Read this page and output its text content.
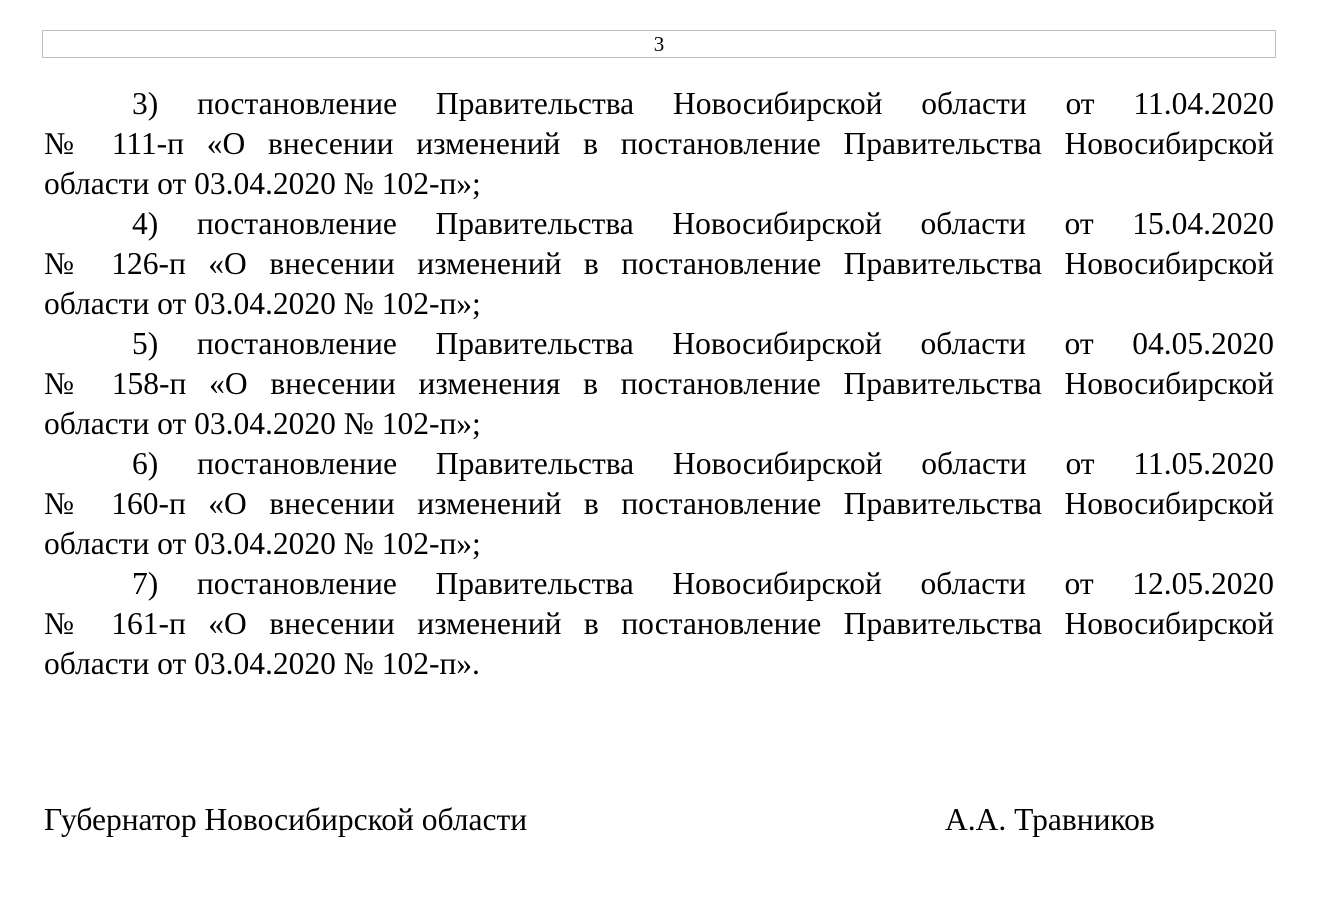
3

3) постановление Правительства Новосибирской области от 11.04.2020
№ 111-п «О внесении изменений в постановление Правительства Новосибирской
области от 03.04.2020 № 102-п»;

4) постановление Правительства Новосибирской области от 15.04.2020
№ 126-п «О внесении изменений в постановление Правительства Новосибирской
области от 03.04.2020 № 102-п»;

5) постановление Правительства Новосибирской области от 04.05.2020
№ 158-п «О внесении изменения в постановление Правительства Новосибирской
области от 03.04.2020 № 102-п»;

6) постановление Правительства Новосибирской области от 11.05.2020
№ 160-п «О внесении изменений в постановление Правительства Новосибирской
области от 03.04.2020 № 102-п»;

7) постановление Правительства Новосибирской области от 12.05.2020
№ 161-п «О внесении изменений в постановление Правительства Новосибирской
области от 03.04.2020 № 102-п».

Губернатор Новосибирской области	А.А. Травников
